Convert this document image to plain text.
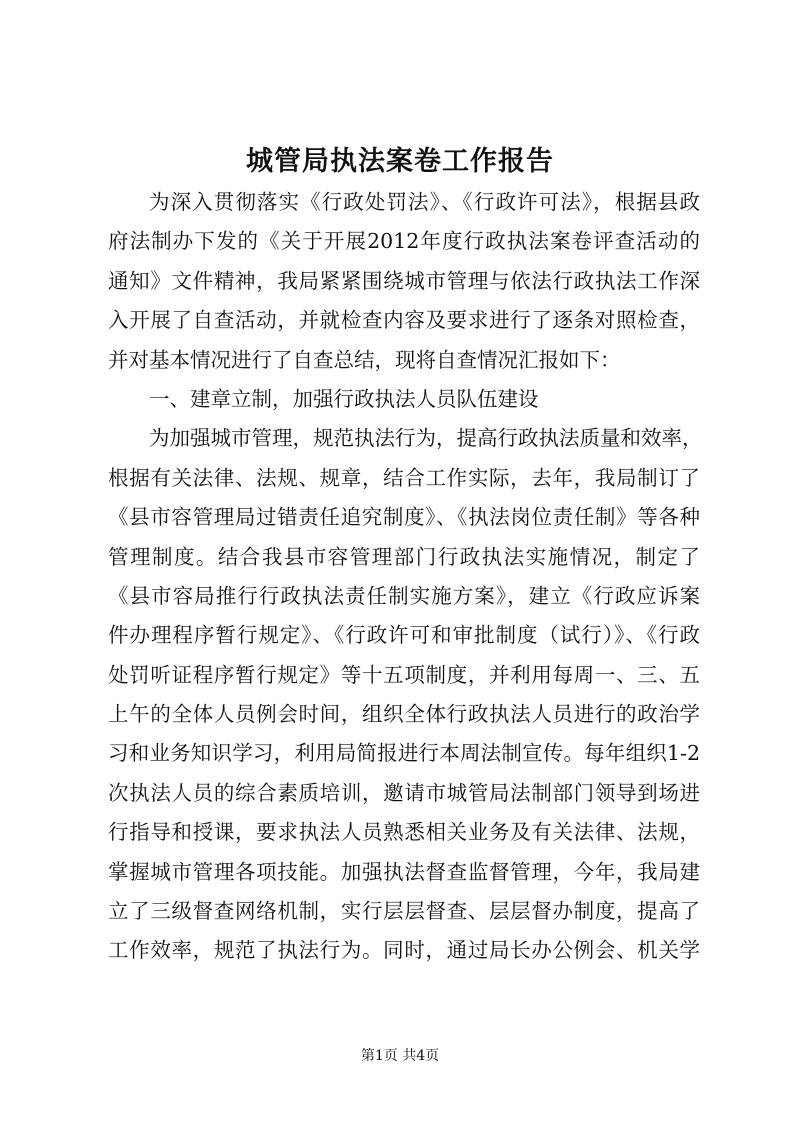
城管局执法案卷工作报告
为深入贯彻落实《行政处罚法》、《行政许可法》，根据县政
府法制办下发的《关于开展2012年度行政执法案卷评查活动的
通知》文件精神，我局紧紧围绕城市管理与依法行政执法工作深
入开展了自查活动，并就检查内容及要求进行了逐条对照检查，
并对基本情况进行了自查总结，现将自查情况汇报如下：
一、建章立制，加强行政执法人员队伍建设
为加强城市管理，规范执法行为，提高行政执法质量和效率，
根据有关法律、法规、规章，结合工作实际，去年，我局制订了
《县市容管理局过错责任追究制度》、《执法岗位责任制》等各种
管理制度。结合我县市容管理部门行政执法实施情况，制定了
《县市容局推行行政执法责任制实施方案》，建立《行政应诉案
件办理程序暂行规定》、《行政许可和审批制度（试行）》、《行政
处罚听证程序暂行规定》等十五项制度，并利用每周一、三、五
上午的全体人员例会时间，组织全体行政执法人员进行的政治学
习和业务知识学习，利用局简报进行本周法制宣传。每年组织1-2
次执法人员的综合素质培训，邀请市城管局法制部门领导到场进
行指导和授课，要求执法人员熟悉相关业务及有关法律、法规，
掌握城市管理各项技能。加强执法督查监督管理，今年，我局建
立了三级督查网络机制，实行层层督查、层层督办制度，提高了
工作效率，规范了执法行为。同时，通过局长办公例会、机关学
第1页 共4页
